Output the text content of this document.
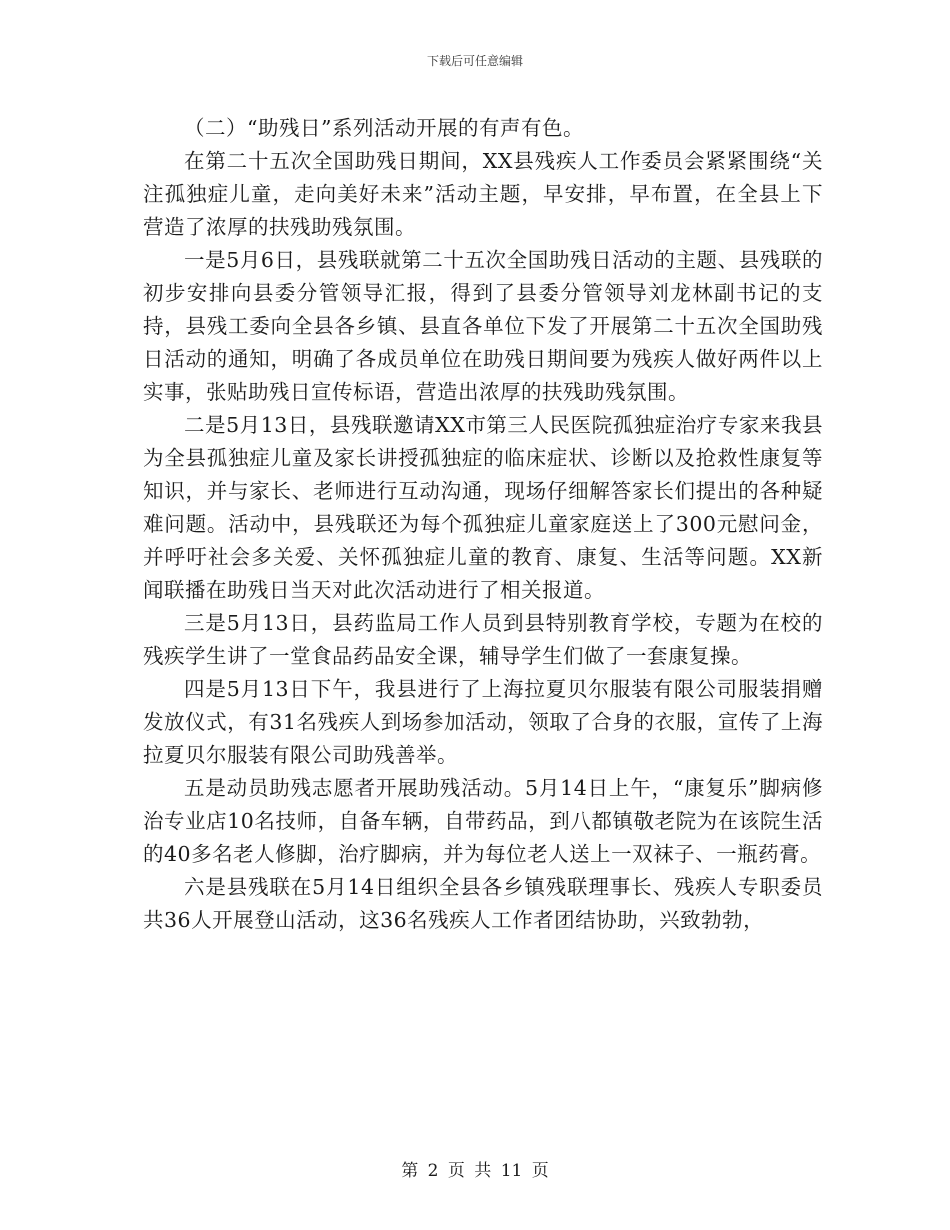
下载后可任意编辑

（二）“助残日”系列活动开展的有声有色。

在第二十五次全国助残日期间，XX县残疾人工作委员会紧紧围绕“关注孤独症儿童，走向美好未来”活动主题，早安排，早布置，在全县上下营造了浓厚的扶残助残氛围。

一是5月6日，县残联就第二十五次全国助残日活动的主题、县残联的初步安排向县委分管领导汇报，得到了县委分管领导刘龙林副书记的支持，县残工委向全县各乡镇、县直各单位下发了开展第二十五次全国助残日活动的通知，明确了各成员单位在助残日期间要为残疾人做好两件以上实事，张贴助残日宣传标语，营造出浓厚的扶残助残氛围。

二是5月13日，县残联邀请XX市第三人民医院孤独症治疗专家来我县为全县孤独症儿童及家长讲授孤独症的临床症状、诊断以及抢救性康复等知识，并与家长、老师进行互动沟通，现场仔细解答家长们提出的各种疑难问题。活动中，县残联还为每个孤独症儿童家庭送上了300元慰问金，并呼吁社会多关爱、关怀孤独症儿童的教育、康复、生活等问题。XX新闻联播在助残日当天对此次活动进行了相关报道。

三是5月13日，县药监局工作人员到县特别教育学校，专题为在校的残疾学生讲了一堂食品药品安全课，辅导学生们做了一套康复操。

四是5月13日下午，我县进行了上海拉夏贝尔服装有限公司服装捐赠发放仪式，有31名残疾人到场参加活动，领取了合身的衣服，宣传了上海拉夏贝尔服装有限公司助残善举。

五是动员助残志愿者开展助残活动。5月14日上午，“康复乐”脚病修治专业店10名技师，自备车辆，自带药品，到八都镇敬老院为在该院生活的40多名老人修脚，治疗脚病，并为每位老人送上一双袜子、一瓶药膏。

六是县残联在5月14日组织全县各乡镇残联理事长、残疾人专职委员共36人开展登山活动，这36名残疾人工作者团结协助，兴致勃勃，

第 2 页 共 11 页
